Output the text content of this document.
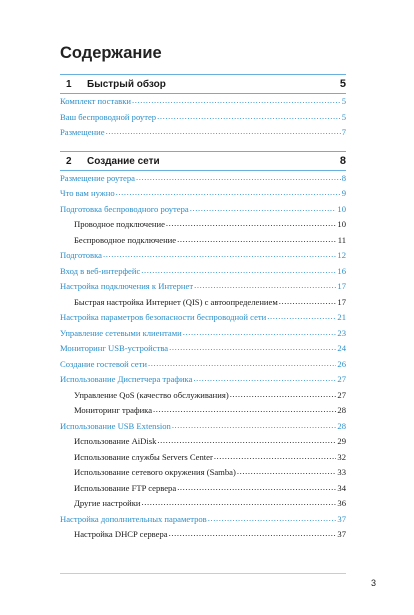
Содержание
1	Быстрый обзор	5
Комплект поставки .....	5
Ваш беспроводной роутер .....	5
Размещение .....	7
2	Создание сети	8
Размещение роутера .....	8
Что вам нужно .....	9
Подготовка беспроводного роутера .....	10
Проводное подключение .....	10
Беспроводное подключение .....	11
Подготовка .....	12
Вход в веб-интерфейс .....	16
Настройка подключения к Интернет .....	17
Быстрая настройка Интернет (QIS) с автоопределением .....	17
Настройка параметров безопасности беспроводной сети .....	21
Управление сетевыми клиентами .....	23
Мониторинг USB-устройства .....	24
Создание гостевой сети .....	26
Использование Диспетчера трафика .....	27
Управление QoS (качество обслуживания) .....	27
Мониторинг трафика .....	28
Использование USB Extension .....	28
Использование AiDisk .....	29
Использование службы Servers Center .....	32
Использование сетевого окружения (Samba) .....	33
Использование FTP сервера .....	34
Другие настройки .....	36
Настройка дополнительных параметров .....	37
Настройка DHCP сервера .....	37
3
